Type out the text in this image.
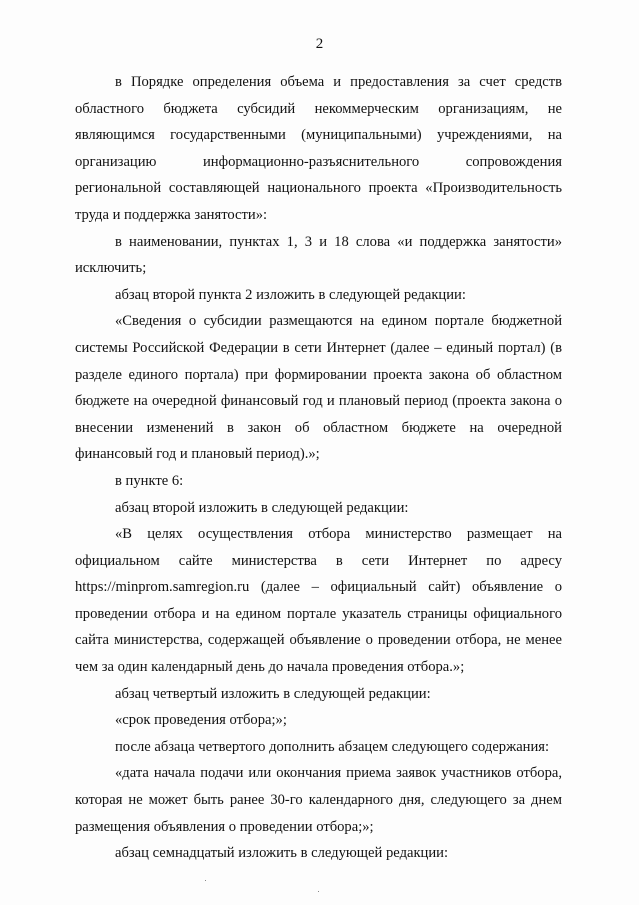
2

в Порядке определения объема и предоставления за счет средств областного бюджета субсидий некоммерческим организациям, не являющимся государственными (муниципальными) учреждениями, на организацию информационно-разъяснительного сопровождения региональной составляющей национального проекта «Производительность труда и поддержка занятости»:

в наименовании, пунктах 1, 3 и 18 слова «и поддержка занятости» исключить;

абзац второй пункта 2 изложить в следующей редакции:

«Сведения о субсидии размещаются на едином портале бюджетной системы Российской Федерации в сети Интернет (далее – единый портал) (в разделе единого портала) при формировании проекта закона об областном бюджете на очередной финансовый год и плановый период (проекта закона о внесении изменений в закон об областном бюджете на очередной финансовый год и плановый период).»;

в пункте 6:

абзац второй изложить в следующей редакции:

«В целях осуществления отбора министерство размещает на официальном сайте министерства в сети Интернет по адресу https://minprom.samregion.ru (далее – официальный сайт) объявление о проведении отбора и на едином портале указатель страницы официального сайта министерства, содержащей объявление о проведении отбора, не менее чем за один календарный день до начала проведения отбора.»;

абзац четвертый изложить в следующей редакции:

«срок проведения отбора;»;

после абзаца четвертого дополнить абзацем следующего содержания:

«дата начала подачи или окончания приема заявок участников отбора, которая не может быть ранее 30-го календарного дня, следующего за днем размещения объявления о проведении отбора;»;

абзац семнадцатый изложить в следующей редакции:
